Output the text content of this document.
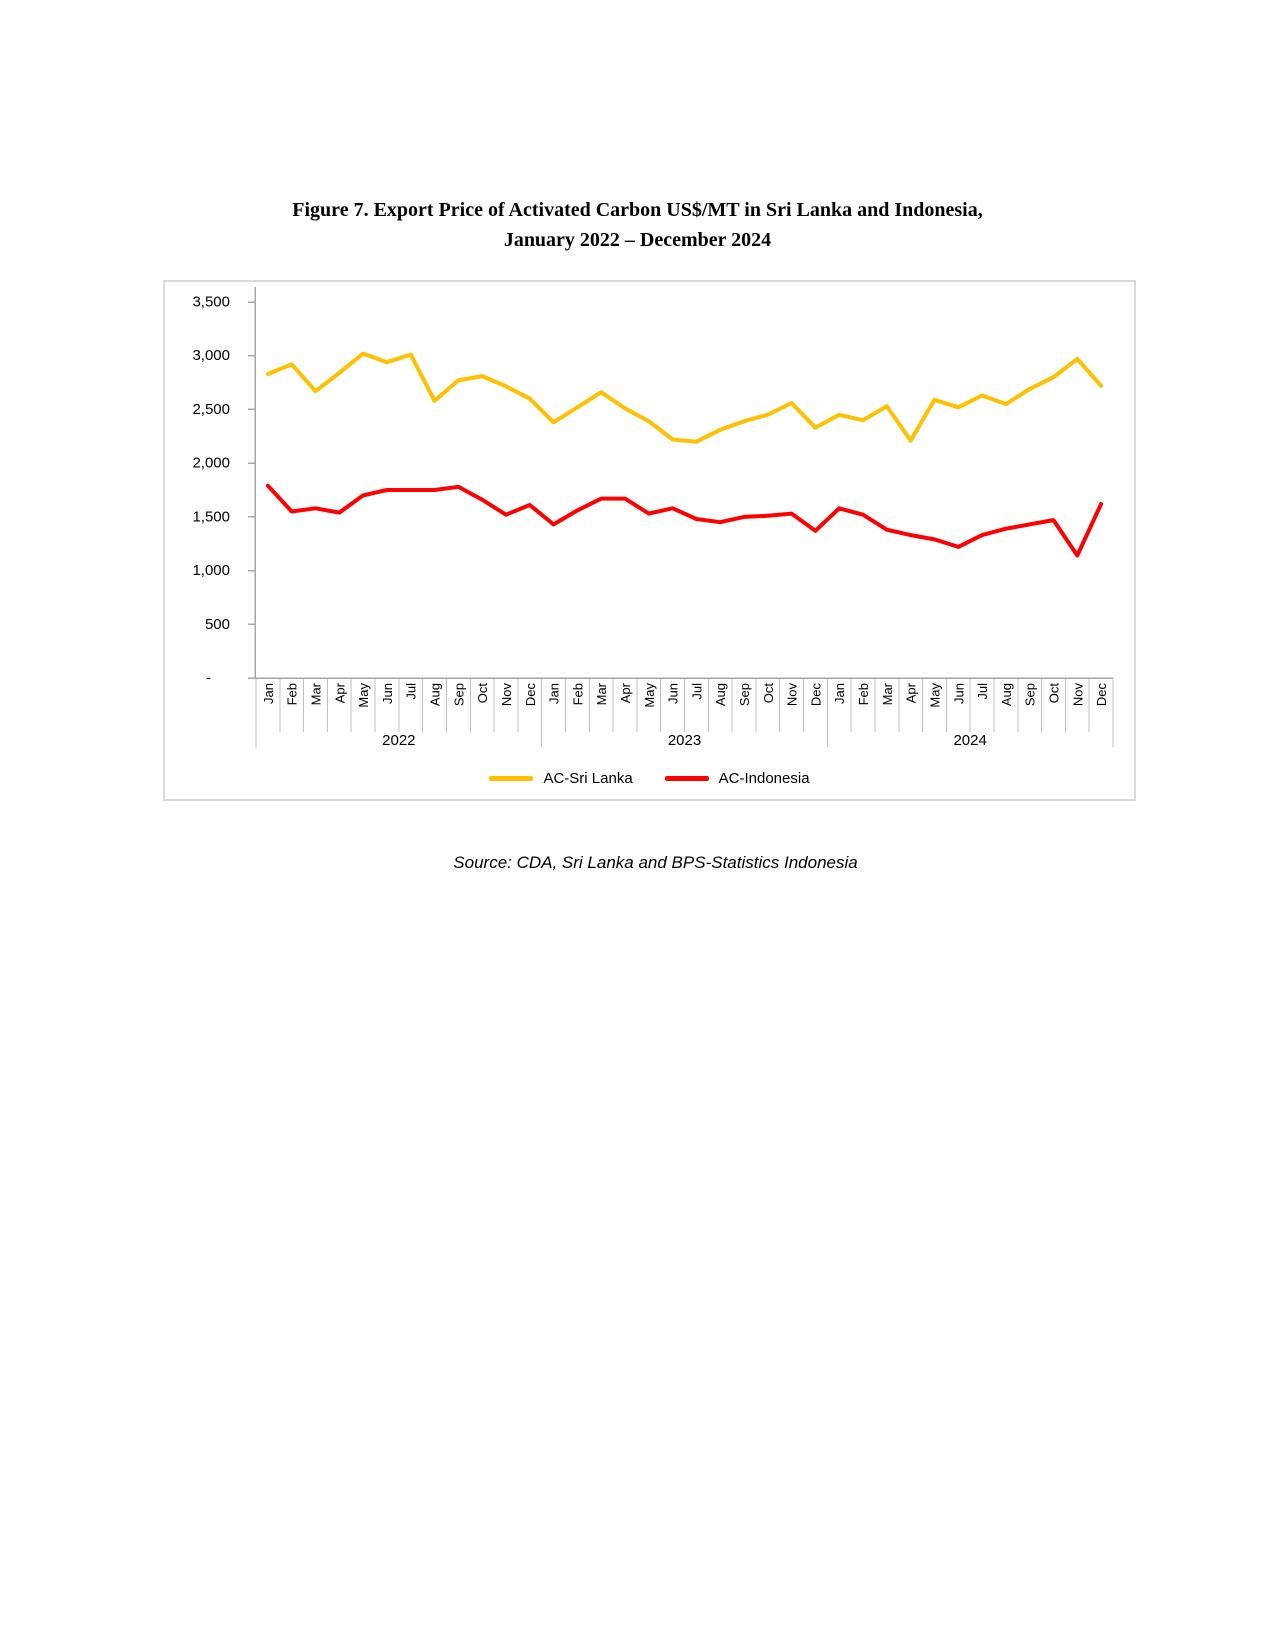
Figure 7. Export Price of Activated Carbon US$/MT in Sri Lanka and Indonesia,
January 2022 – December 2024
-
500
1,000
1,500
2,000
2,500
3,000
3,500
Jan Feb Mar Apr May Jun Jul Aug Sep Oct Nov Dec Jan Feb Mar Apr May Jun Jul Aug Sep Oct Nov Dec Jan Feb Mar Apr May Jun Jul Aug Sep Oct Nov Dec
2022	2023	2024
AC-Sri Lanka	AC-Indonesia
Source: CDA, Sri Lanka and BPS-Statistics Indonesia
